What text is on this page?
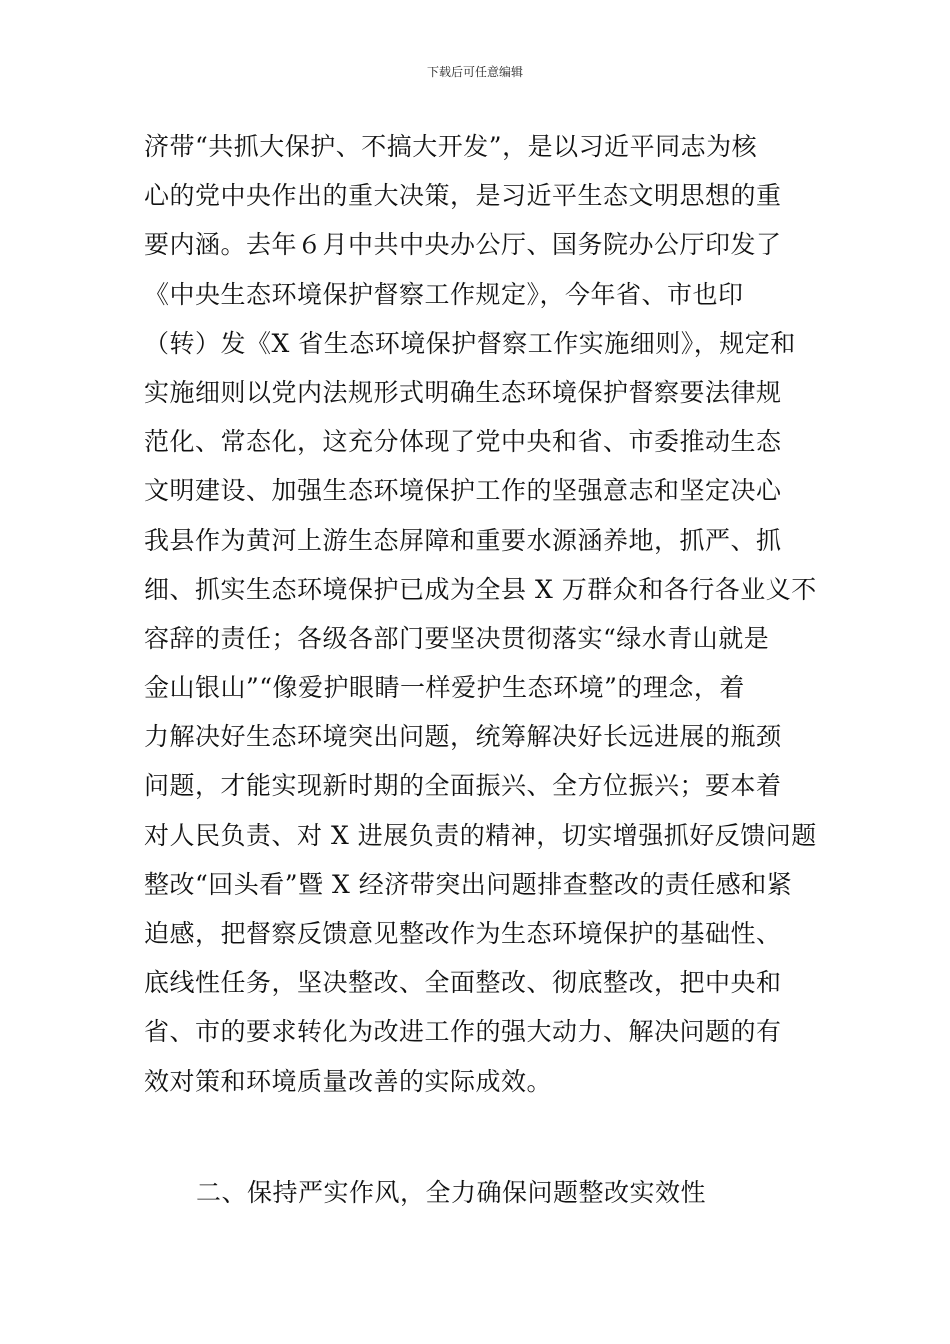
下载后可任意编辑
济带“共抓大保护、不搞大开发”，是以习近平同志为核
心的党中央作出的重大决策，是习近平生态文明思想的重
要内涵。去年６月中共中央办公厅、国务院办公厅印发了
《中央生态环境保护督察工作规定》，今年省、市也印
（转）发《X 省生态环境保护督察工作实施细则》，规定和
实施细则以党内法规形式明确生态环境保护督察要法律规
范化、常态化，这充分体现了党中央和省、市委推动生态
文明建设、加强生态环境保护工作的坚强意志和坚定决心
我县作为黄河上游生态屏障和重要水源涵养地，抓严、抓
细、抓实生态环境保护已成为全县 X 万群众和各行各业义不
容辞的责任；各级各部门要坚决贯彻落实“绿水青山就是
金山银山”“像爱护眼睛一样爱护生态环境”的理念，着
力解决好生态环境突出问题，统筹解决好长远进展的瓶颈
问题，才能实现新时期的全面振兴、全方位振兴；要本着
对人民负责、对 X 进展负责的精神，切实增强抓好反馈问题
整改“回头看”暨 X 经济带突出问题排查整改的责任感和紧
迫感，把督察反馈意见整改作为生态环境保护的基础性、
底线性任务，坚决整改、全面整改、彻底整改，把中央和
省、市的要求转化为改进工作的强大动力、解决问题的有
效对策和环境质量改善的实际成效。
二、保持严实作风，全力确保问题整改实效性
